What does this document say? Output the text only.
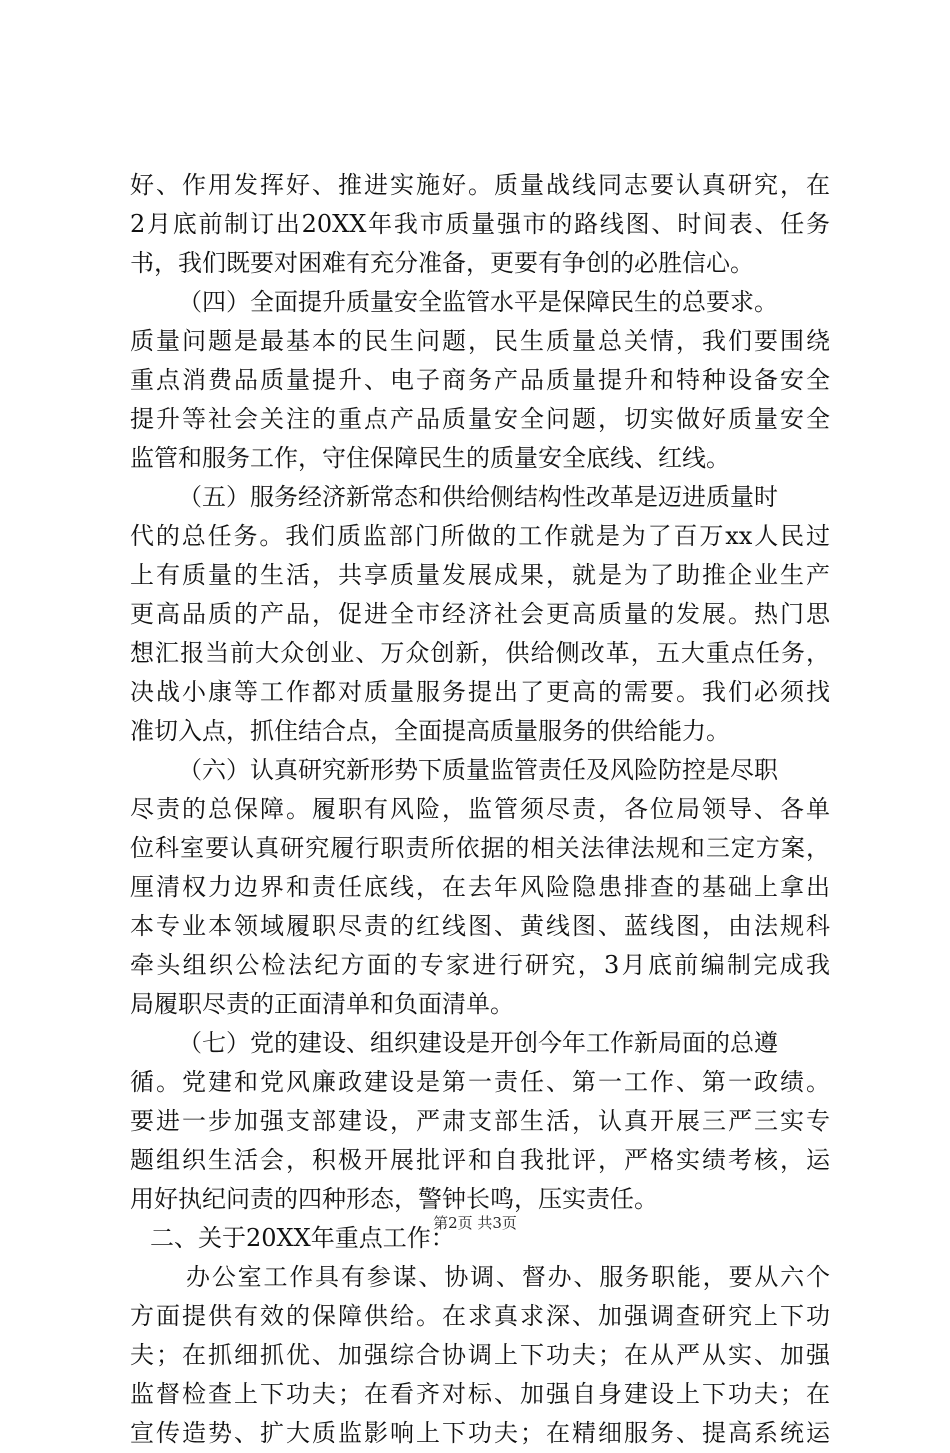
好、作用发挥好、推进实施好。质量战线同志要认真研究，在
2月底前制订出20XX年我市质量强市的路线图、时间表、任务
书，我们既要对困难有充分准备，更要有争创的必胜信心。
（四）全面提升质量安全监管水平是保障民生的总要求。
质量问题是最基本的民生问题，民生质量总关情，我们要围绕
重点消费品质量提升、电子商务产品质量提升和特种设备安全
提升等社会关注的重点产品质量安全问题，切实做好质量安全
监管和服务工作，守住保障民生的质量安全底线、红线。
（五）服务经济新常态和供给侧结构性改革是迈进质量时
代的总任务。我们质监部门所做的工作就是为了百万xx人民过
上有质量的生活，共享质量发展成果，就是为了助推企业生产
更高品质的产品，促进全市经济社会更高质量的发展。热门思
想汇报当前大众创业、万众创新，供给侧改革，五大重点任务，
决战小康等工作都对质量服务提出了更高的需要。我们必须找
准切入点，抓住结合点，全面提高质量服务的供给能力。
（六）认真研究新形势下质量监管责任及风险防控是尽职
尽责的总保障。履职有风险，监管须尽责，各位局领导、各单
位科室要认真研究履行职责所依据的相关法律法规和三定方案，
厘清权力边界和责任底线，在去年风险隐患排查的基础上拿出
本专业本领域履职尽责的红线图、黄线图、蓝线图，由法规科
牵头组织公检法纪方面的专家进行研究，3月底前编制完成我
局履职尽责的正面清单和负面清单。
（七）党的建设、组织建设是开创今年工作新局面的总遵
循。党建和党风廉政建设是第一责任、第一工作、第一政绩。
要进一步加强支部建设，严肃支部生活，认真开展三严三实专
题组织生活会，积极开展批评和自我批评，严格实绩考核，运
用好执纪问责的四种形态，警钟长鸣，压实责任。
二、关于20XX年重点工作：
办公室工作具有参谋、协调、督办、服务职能，要从六个
方面提供有效的保障供给。在求真求深、加强调查研究上下功
夫；在抓细抓优、加强综合协调上下功夫；在从严从实、加强
监督检查上下功夫；在看齐对标、加强自身建设上下功夫；在
宣传造势、扩大质监影响上下功夫；在精细服务、提高系统运
第2页 共3页
